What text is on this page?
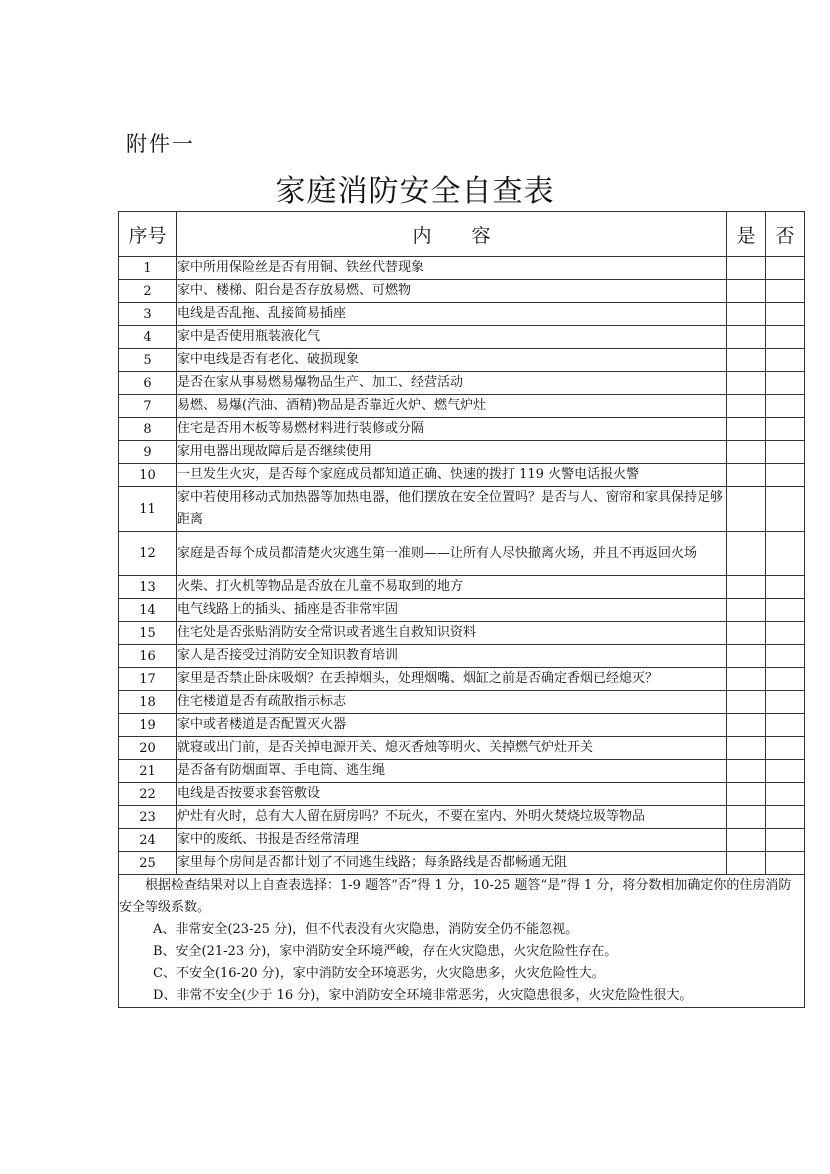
附件一
家庭消防安全自查表
序号	内容	是	否
1	家中所用保险丝是否有用铜、铁丝代替现象		
2	家中、楼梯、阳台是否存放易燃、可燃物		
3	电线是否乱拖、乱接简易插座		
4	家中是否使用瓶装液化气		
5	家中电线是否有老化、破损现象		
6	是否在家从事易燃易爆物品生产、加工、经营活动		
7	易燃、易爆(汽油、酒精)物品是否靠近火炉、燃气炉灶		
8	住宅是否用木板等易燃材料进行装修或分隔		
9	家用电器出现故障后是否继续使用		
10	一旦发生火灾，是否每个家庭成员都知道正确、快速的拨打 119 火警电话报火警		
11	家中若使用移动式加热器等加热电器，他们摆放在安全位置吗？是否与人、窗帘和家具保持足够距离		
12	家庭是否每个成员都清楚火灾逃生第一准则——让所有人尽快撤离火场，并且不再返回火场		
13	火柴、打火机等物品是否放在儿童不易取到的地方		
14	电气线路上的插头、插座是否非常牢固		
15	住宅处是否张贴消防安全常识或者逃生自救知识资料		
16	家人是否接受过消防安全知识教育培训		
17	家里是否禁止卧床吸烟？在丢掉烟头，处理烟嘴、烟缸之前是否确定香烟已经熄灭？		
18	住宅楼道是否有疏散指示标志		
19	家中或者楼道是否配置灭火器		
20	就寝或出门前，是否关掉电源开关、熄灭香烛等明火、关掉燃气炉灶开关		
21	是否备有防烟面罩、手电筒、逃生绳		
22	电线是否按要求套管敷设		
23	炉灶有火时，总有大人留在厨房吗？不玩火，不要在室内、外明火焚烧垃圾等物品		
24	家中的废纸、书报是否经常清理		
25	家里每个房间是否都计划了不同逃生线路；每条路线是否都畅通无阻		

根据检查结果对以上自查表选择：1-9 题答“否”得 1 分，10-25 题答“是”得 1 分，将分数相加确定你的住房消防安全等级系数。

A、非常安全(23-25 分)，但不代表没有火灾隐患，消防安全仍不能忽视。

B、安全(21-23 分)，家中消防安全环境严峻，存在火灾隐患，火灾危险性存在。

C、不安全(16-20 分)，家中消防安全环境恶劣，火灾隐患多，火灾危险性大。

D、非常不安全(少于 16 分)，家中消防安全环境非常恶劣，火灾隐患很多，火灾危险性很大。			
